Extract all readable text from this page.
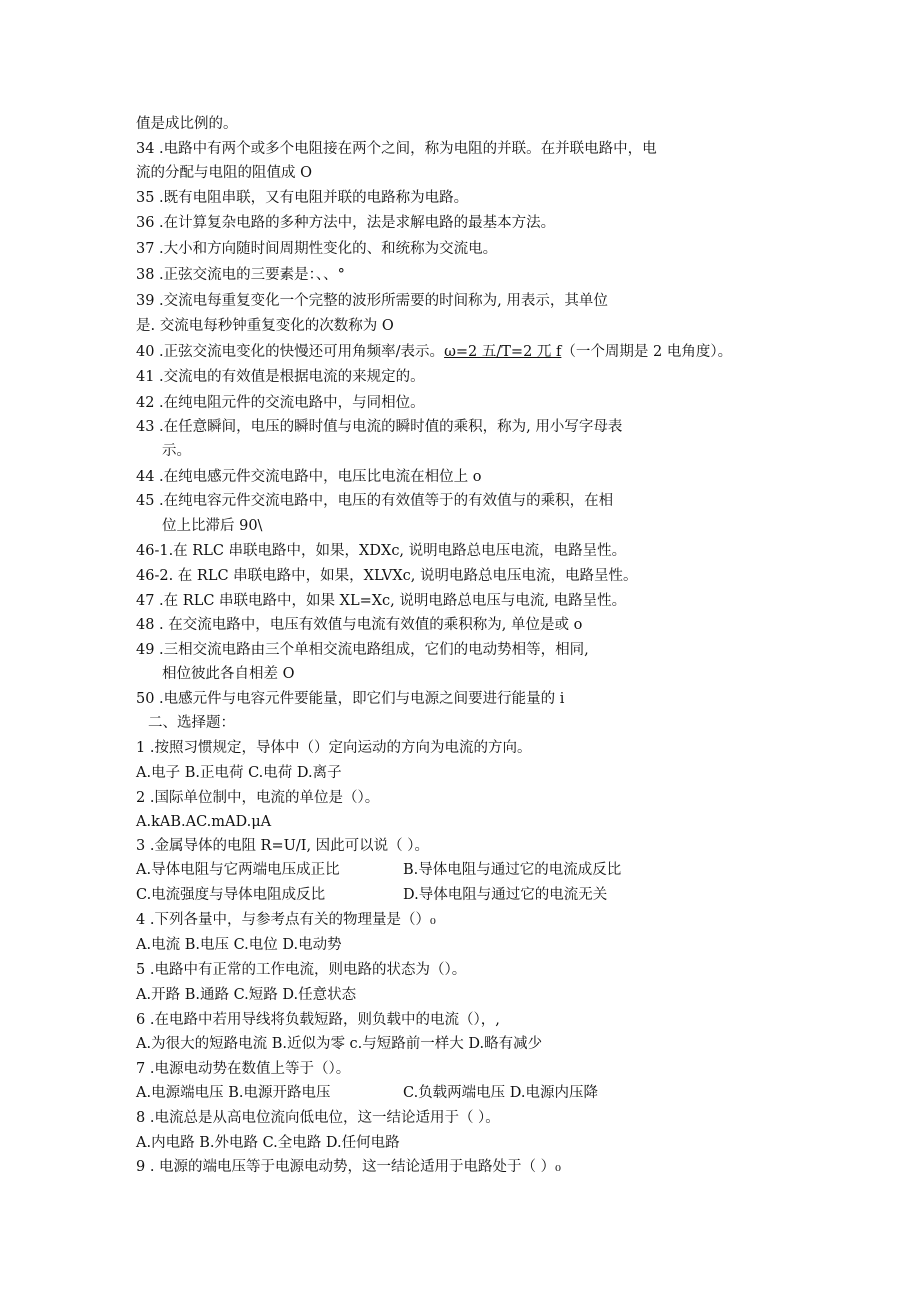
值是成比例的。
34 .电路中有两个或多个电阻接在两个之间，称为电阻的并联。在并联电路中，电
流的分配与电阻的阻值成 O
35 .既有电阻串联，又有电阻并联的电路称为电路。
36 .在计算复杂电路的多种方法中，法是求解电路的最基本方法。
37 .大小和方向随时间周期性变化的、和统称为交流电。
38 .正弦交流电的三要素是：、、°
39 .交流电每重复变化一个完整的波形所需要的时间称为, 用表示，其单位
是. 交流电每秒钟重复变化的次数称为 O
40 .正弦交流电变化的快慢还可用角频率/表示。ω=2 五/T=2 兀 f（一个周期是 2 电角度）。
41 .交流电的有效值是根据电流的来规定的。
42 .在纯电阻元件的交流电路中，与同相位。
43 .在任意瞬间，电压的瞬时值与电流的瞬时值的乘积，称为, 用小写字母表
示。
44 .在纯电感元件交流电路中，电压比电流在相位上 o
45 .在纯电容元件交流电路中，电压的有效值等于的有效值与的乘积，在相
位上比滞后 90\
46-1.在 RLC 串联电路中，如果，XDXc, 说明电路总电压电流，电路呈性。
46-2. 在 RLC 串联电路中，如果，XLVXc, 说明电路总电压电流，电路呈性。
47 .在 RLC 串联电路中，如果 XL=Xc, 说明电路总电压与电流, 电路呈性。
48 . 在交流电路中，电压有效值与电流有效值的乘积称为, 单位是或 o
49 .三相交流电路由三个单相交流电路组成，它们的电动势相等，相同,
相位彼此各自相差 O
50 .电感元件与电容元件要能量，即它们与电源之间要进行能量的 i
二、选择题：
1 .按照习惯规定，导体中（）定向运动的方向为电流的方向。
A.电子 B.正电荷 C.电荷 D.离子
2 .国际单位制中，电流的单位是（）。
A.kAB.AC.mAD.μA
3 .金属导体的电阻 R=U/I, 因此可以说（ ）。
A.导体电阻与它两端电压成正比	B.导体电阻与通过它的电流成反比
C.电流强度与导体电阻成反比	D.导体电阻与通过它的电流无关
4 .下列各量中，与参考点有关的物理量是（）₀
A.电流 B.电压 C.电位 D.电动势
5 .电路中有正常的工作电流，则电路的状态为（）。
A.开路 B.通路 C.短路 D.任意状态
6 .在电路中若用导线将负载短路，则负载中的电流（），,
A.为很大的短路电流 B.近似为零 c.与短路前一样大 D.略有减少
7 .电源电动势在数值上等于（）。
A.电源端电压 B.电源开路电压	C.负载两端电压 D.电源内压降
8 .电流总是从高电位流向低电位，这一结论适用于（ ）。
A.内电路 B.外电路 C.全电路 D.任何电路
9 . 电源的端电压等于电源电动势，这一结论适用于电路处于（ ）₀
